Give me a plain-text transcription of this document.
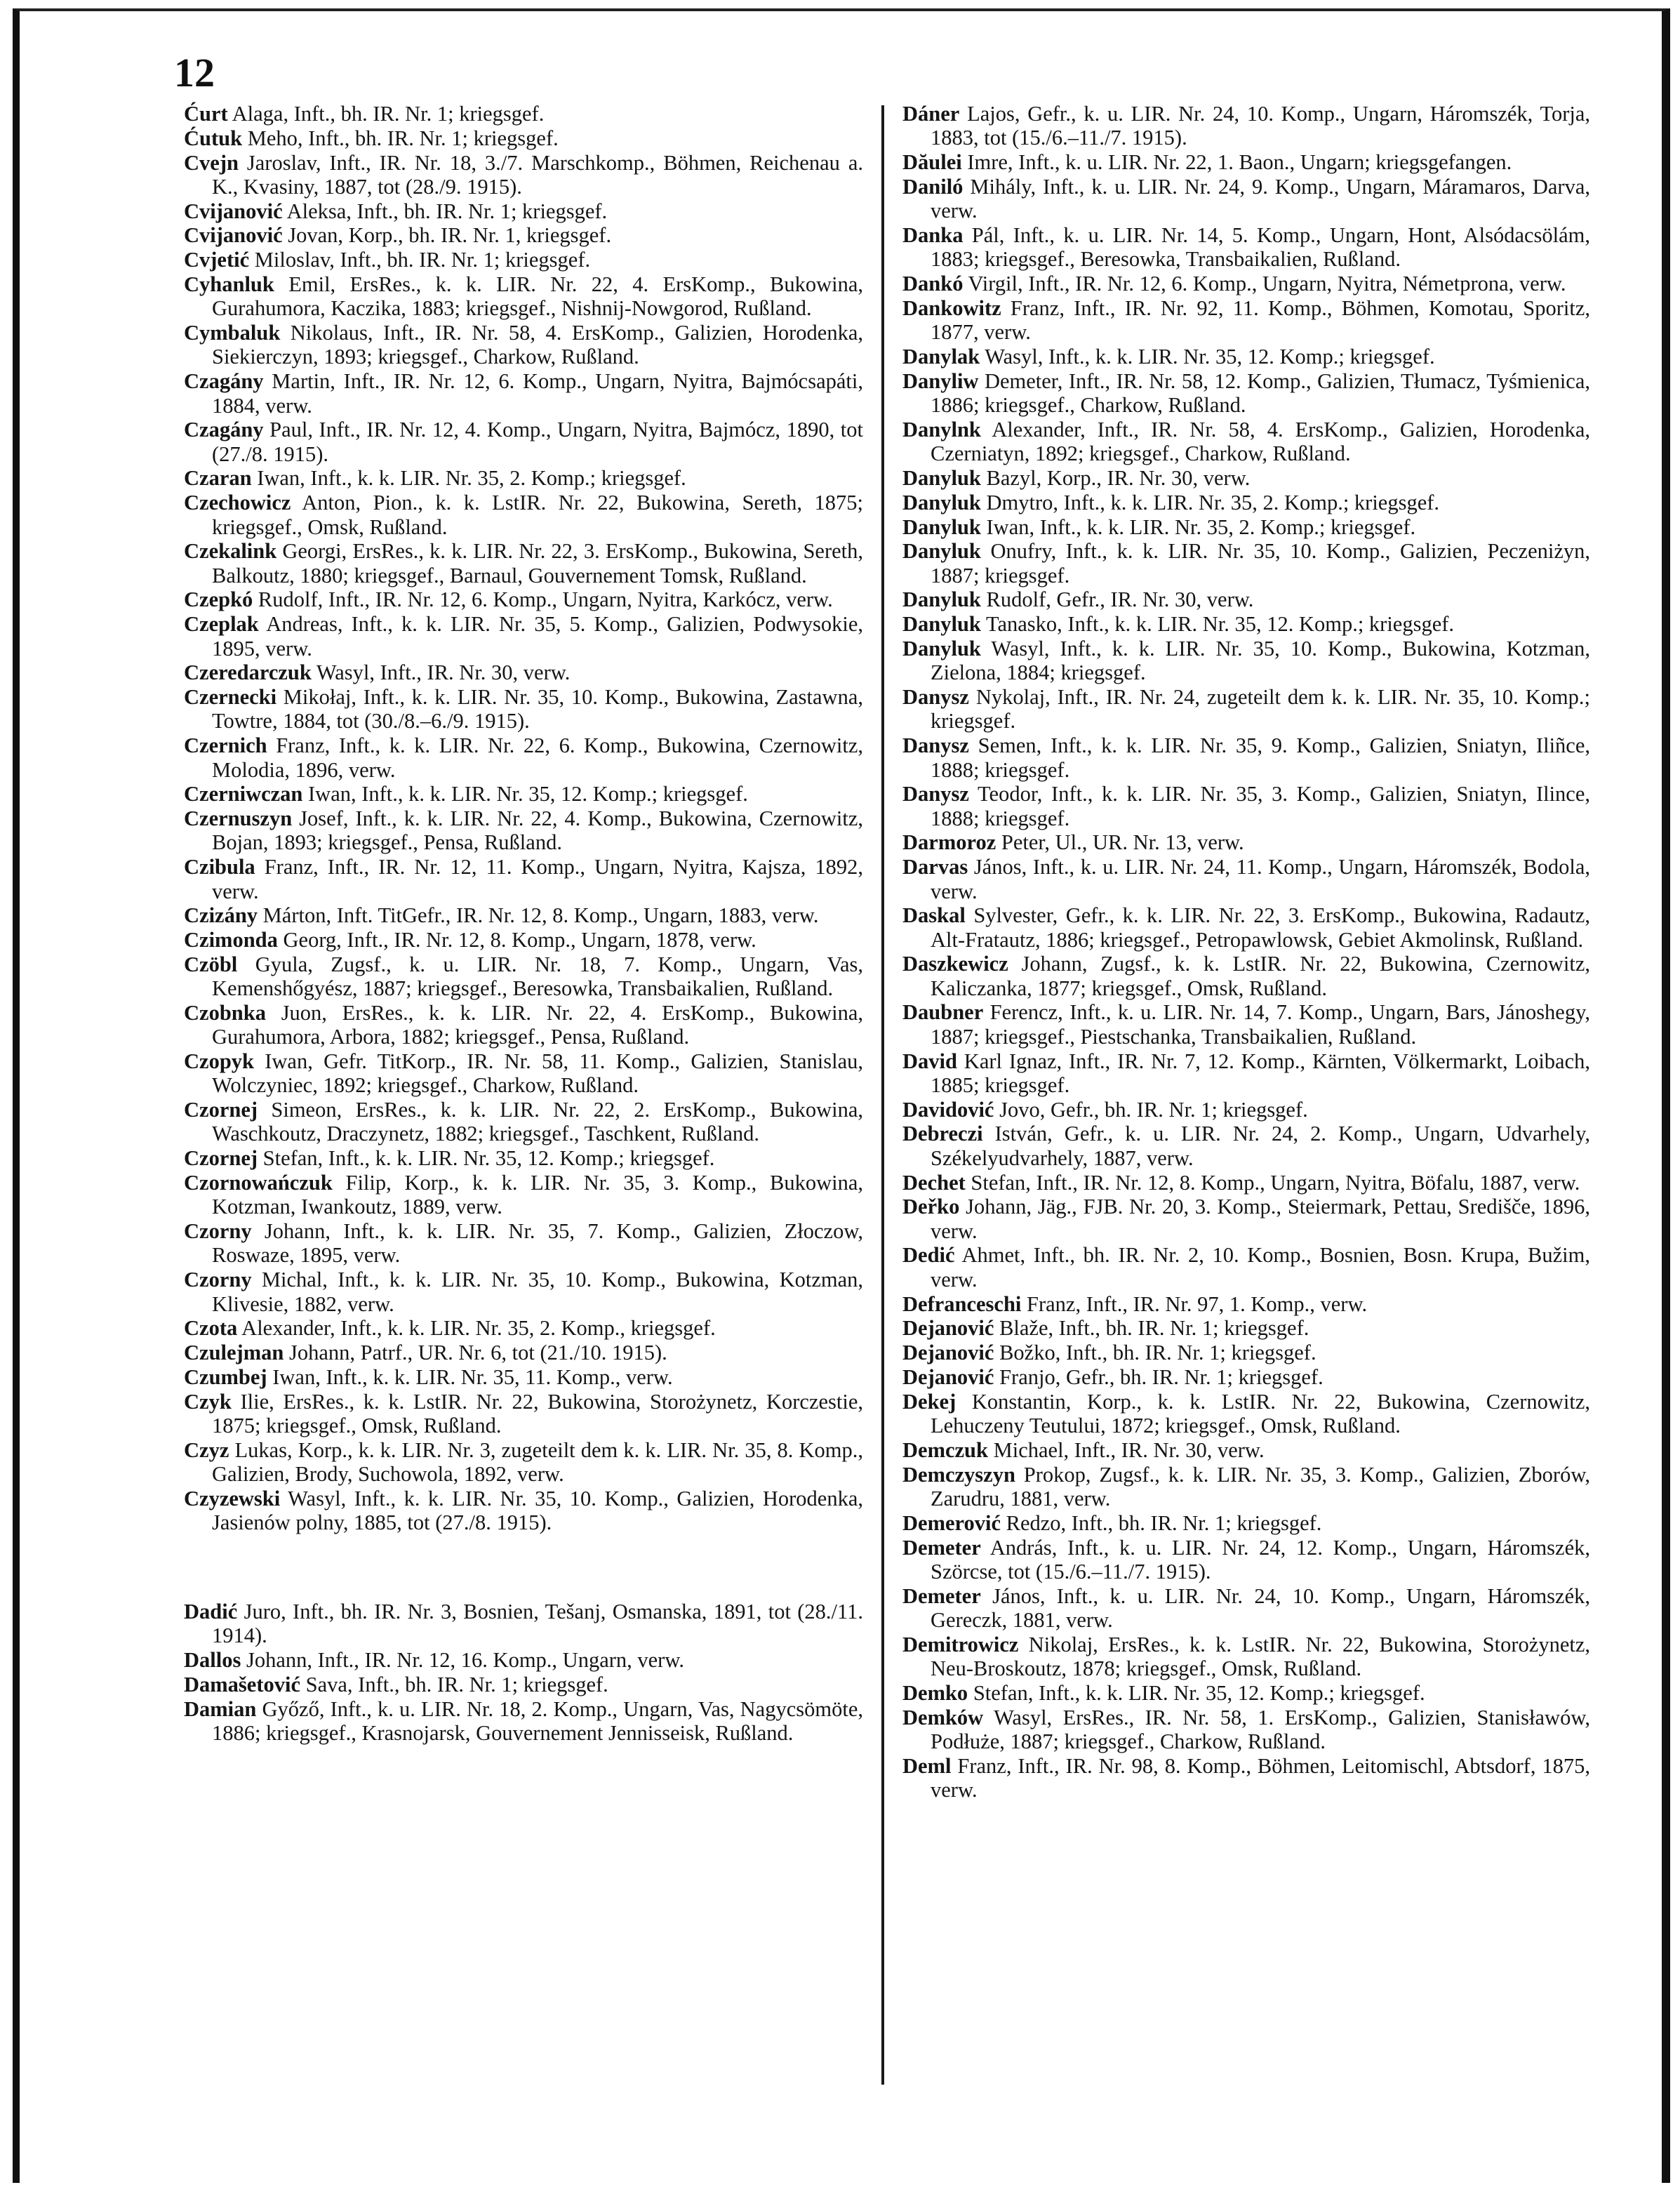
12
Ćurt Alaga, Inft., bh. IR. Nr. 1; kriegsgef.
Ćutuk Meho, Inft., bh. IR. Nr. 1; kriegsgef.
Cvejn Jaroslav, Inft., IR. Nr. 18, 3./7. Marschkomp., Böhmen, Reichenau a. K., Kvasiny, 1887, tot (28./9. 1915).
Cvijanović Aleksa, Inft., bh. IR. Nr. 1; kriegsgef.
Cvijanović Jovan, Korp., bh. IR. Nr. 1, kriegsgef.
Cvjetić Miloslav, Inft., bh. IR. Nr. 1; kriegsgef.
Cyhanluk Emil, ErsRes., k. k. LIR. Nr. 22, 4. ErsKomp., Bukowina, Gurahumora, Kaczika, 1883; kriegsgef., Nishnij-Nowgorod, Rußland.
Cymbaluk Nikolaus, Inft., IR. Nr. 58, 4. ErsKomp., Galizien, Horodenka, Siekierczyn, 1893; kriegsgef., Charkow, Rußland.
Czagány Martin, Inft., IR. Nr. 12, 6. Komp., Ungarn, Nyitra, Bajmócsapáti, 1884, verw.
Czagány Paul, Inft., IR. Nr. 12, 4. Komp., Ungarn, Nyitra, Bajmócz, 1890, tot (27./8. 1915).
Czaran Iwan, Inft., k. k. LIR. Nr. 35, 2. Komp.; kriegsgef.
Czechowicz Anton, Pion., k. k. LstIR. Nr. 22, Bukowina, Sereth, 1875; kriegsgef., Omsk, Rußland.
Czekalink Georgi, ErsRes., k. k. LIR. Nr. 22, 3. ErsKomp., Bukowina, Sereth, Balkoutz, 1880; kriegsgef., Barnaul, Gouvernement Tomsk, Rußland.
Czepkó Rudolf, Inft., IR. Nr. 12, 6. Komp., Ungarn, Nyitra, Karkócz, verw.
Czeplak Andreas, Inft., k. k. LIR. Nr. 35, 5. Komp., Galizien, Podwysokie, 1895, verw.
Czeredarczuk Wasyl, Inft., IR. Nr. 30, verw.
Czernecki Mikołaj, Inft., k. k. LIR. Nr. 35, 10. Komp., Bukowina, Zastawna, Towtre, 1884, tot (30./8.–6./9. 1915).
Czernich Franz, Inft., k. k. LIR. Nr. 22, 6. Komp., Bukowina, Czernowitz, Molodia, 1896, verw.
Czerniwczan Iwan, Inft., k. k. LIR. Nr. 35, 12. Komp.; kriegsgef.
Czernuszyn Josef, Inft., k. k. LIR. Nr. 22, 4. Komp., Bukowina, Czernowitz, Bojan, 1893; kriegsgef., Pensa, Rußland.
Czibula Franz, Inft., IR. Nr. 12, 11. Komp., Ungarn, Nyitra, Kajsza, 1892, verw.
Czizány Márton, Inft. TitGefr., IR. Nr. 12, 8. Komp., Ungarn, 1883, verw.
Czimonda Georg, Inft., IR. Nr. 12, 8. Komp., Ungarn, 1878, verw.
Czöbl Gyula, Zugsf., k. u. LIR. Nr. 18, 7. Komp., Ungarn, Vas, Kemenshőgyész, 1887; kriegsgef., Beresowka, Transbaikalien, Rußland.
Czobnka Juon, ErsRes., k. k. LIR. Nr. 22, 4. ErsKomp., Bukowina, Gurahumora, Arbora, 1882; kriegsgef., Pensa, Rußland.
Czopyk Iwan, Gefr. TitKorp., IR. Nr. 58, 11. Komp., Galizien, Stanislau, Wolczyniec, 1892; kriegsgef., Charkow, Rußland.
Czornej Simeon, ErsRes., k. k. LIR. Nr. 22, 2. ErsKomp., Bukowina, Waschkoutz, Draczynetz, 1882; kriegsgef., Taschkent, Rußland.
Czornej Stefan, Inft., k. k. LIR. Nr. 35, 12. Komp.; kriegsgef.
Czornowańczuk Filip, Korp., k. k. LIR. Nr. 35, 3. Komp., Bukowina, Kotzman, Iwankoutz, 1889, verw.
Czorny Johann, Inft., k. k. LIR. Nr. 35, 7. Komp., Galizien, Złoczow, Roswaze, 1895, verw.
Czorny Michal, Inft., k. k. LIR. Nr. 35, 10. Komp., Bukowina, Kotzman, Klivesie, 1882, verw.
Czota Alexander, Inft., k. k. LIR. Nr. 35, 2. Komp., kriegsgef.
Czulejman Johann, Patrf., UR. Nr. 6, tot (21./10. 1915).
Czumbej Iwan, Inft., k. k. LIR. Nr. 35, 11. Komp., verw.
Czyk Ilie, ErsRes., k. k. LstIR. Nr. 22, Bukowina, Storożynetz, Korczestie, 1875; kriegsgef., Omsk, Rußland.
Czyz Lukas, Korp., k. k. LIR. Nr. 3, zugeteilt dem k. k. LIR. Nr. 35, 8. Komp., Galizien, Brody, Suchowola, 1892, verw.
Czyzewski Wasyl, Inft., k. k. LIR. Nr. 35, 10. Komp., Galizien, Horodenka, Jasienów polny, 1885, tot (27./8. 1915).
Dadić Juro, Inft., bh. IR. Nr. 3, Bosnien, Tešanj, Osmanska, 1891, tot (28./11. 1914).
Dallos Johann, Inft., IR. Nr. 12, 16. Komp., Ungarn, verw.
Damašetović Sava, Inft., bh. IR. Nr. 1; kriegsgef.
Damian Győző, Inft., k. u. LIR. Nr. 18, 2. Komp., Ungarn, Vas, Nagycsömöte, 1886; kriegsgef., Krasnojarsk, Gouvernement Jennisseisk, Rußland.
Dáner Lajos, Gefr., k. u. LIR. Nr. 24, 10. Komp., Ungarn, Háromszék, Torja, 1883, tot (15./6.–11./7. 1915).
Dăulei Imre, Inft., k. u. LIR. Nr. 22, 1. Baon., Ungarn; kriegsgefangen.
Daniló Mihály, Inft., k. u. LIR. Nr. 24, 9. Komp., Ungarn, Máramaros, Darva, verw.
Danka Pál, Inft., k. u. LIR. Nr. 14, 5. Komp., Ungarn, Hont, Alsódacsölám, 1883; kriegsgef., Beresowka, Transbaikalien, Rußland.
Dankó Virgil, Inft., IR. Nr. 12, 6. Komp., Ungarn, Nyitra, Németprona, verw.
Dankowitz Franz, Inft., IR. Nr. 92, 11. Komp., Böhmen, Komotau, Sporitz, 1877, verw.
Danylak Wasyl, Inft., k. k. LIR. Nr. 35, 12. Komp.; kriegsgef.
Danyliw Demeter, Inft., IR. Nr. 58, 12. Komp., Galizien, Tłumacz, Tyśmienica, 1886; kriegsgef., Charkow, Rußland.
Danylnk Alexander, Inft., IR. Nr. 58, 4. ErsKomp., Galizien, Horodenka, Czerniatyn, 1892; kriegsgef., Charkow, Rußland.
Danyluk Bazyl, Korp., IR. Nr. 30, verw.
Danyluk Dmytro, Inft., k. k. LIR. Nr. 35, 2. Komp.; kriegsgef.
Danyluk Iwan, Inft., k. k. LIR. Nr. 35, 2. Komp.; kriegsgef.
Danyluk Onufry, Inft., k. k. LIR. Nr. 35, 10. Komp., Galizien, Peczeniżyn, 1887; kriegsgef.
Danyluk Rudolf, Gefr., IR. Nr. 30, verw.
Danyluk Tanasko, Inft., k. k. LIR. Nr. 35, 12. Komp.; kriegsgef.
Danyluk Wasyl, Inft., k. k. LIR. Nr. 35, 10. Komp., Bukowina, Kotzman, Zielona, 1884; kriegsgef.
Danysz Nykolaj, Inft., IR. Nr. 24, zugeteilt dem k. k. LIR. Nr. 35, 10. Komp.; kriegsgef.
Danysz Semen, Inft., k. k. LIR. Nr. 35, 9. Komp., Galizien, Sniatyn, Iliñce, 1888; kriegsgef.
Danysz Teodor, Inft., k. k. LIR. Nr. 35, 3. Komp., Galizien, Sniatyn, Ilince, 1888; kriegsgef.
Darmoroz Peter, Ul., UR. Nr. 13, verw.
Darvas János, Inft., k. u. LIR. Nr. 24, 11. Komp., Ungarn, Háromszék, Bodola, verw.
Daskal Sylvester, Gefr., k. k. LIR. Nr. 22, 3. ErsKomp., Bukowina, Radautz, Alt-Fratautz, 1886; kriegsgef., Petropawlowsk, Gebiet Akmolinsk, Rußland.
Daszkewicz Johann, Zugsf., k. k. LstIR. Nr. 22, Bukowina, Czernowitz, Kaliczanka, 1877; kriegsgef., Omsk, Rußland.
Daubner Ferencz, Inft., k. u. LIR. Nr. 14, 7. Komp., Ungarn, Bars, Jánoshegy, 1887; kriegsgef., Piestschanka, Transbaikalien, Rußland.
David Karl Ignaz, Inft., IR. Nr. 7, 12. Komp., Kärnten, Völkermarkt, Loibach, 1885; kriegsgef.
Davidović Jovo, Gefr., bh. IR. Nr. 1; kriegsgef.
Debreczi István, Gefr., k. u. LIR. Nr. 24, 2. Komp., Ungarn, Udvarhely, Székelyudvarhely, 1887, verw.
Dechet Stefan, Inft., IR. Nr. 12, 8. Komp., Ungarn, Nyitra, Böfalu, 1887, verw.
Deřko Johann, Jäg., FJB. Nr. 20, 3. Komp., Steiermark, Pettau, Središče, 1896, verw.
Dedić Ahmet, Inft., bh. IR. Nr. 2, 10. Komp., Bosnien, Bosn. Krupa, Bužim, verw.
Defranceschi Franz, Inft., IR. Nr. 97, 1. Komp., verw.
Dejanović Blaže, Inft., bh. IR. Nr. 1; kriegsgef.
Dejanović Božko, Inft., bh. IR. Nr. 1; kriegsgef.
Dejanović Franjo, Gefr., bh. IR. Nr. 1; kriegsgef.
Dekej Konstantin, Korp., k. k. LstIR. Nr. 22, Bukowina, Czernowitz, Lehuczeny Teutului, 1872; kriegsgef., Omsk, Rußland.
Demczuk Michael, Inft., IR. Nr. 30, verw.
Demczyszyn Prokop, Zugsf., k. k. LIR. Nr. 35, 3. Komp., Galizien, Zborów, Zarudru, 1881, verw.
Demerović Redzo, Inft., bh. IR. Nr. 1; kriegsgef.
Demeter András, Inft., k. u. LIR. Nr. 24, 12. Komp., Ungarn, Háromszék, Szörcse, tot (15./6.–11./7. 1915).
Demeter János, Inft., k. u. LIR. Nr. 24, 10. Komp., Ungarn, Háromszék, Gereczk, 1881, verw.
Demitrowicz Nikolaj, ErsRes., k. k. LstIR. Nr. 22, Bukowina, Storożynetz, Neu-Broskoutz, 1878; kriegsgef., Omsk, Rußland.
Demko Stefan, Inft., k. k. LIR. Nr. 35, 12. Komp.; kriegsgef.
Demków Wasyl, ErsRes., IR. Nr. 58, 1. ErsKomp., Galizien, Stanisławów, Podłuże, 1887; kriegsgef., Charkow, Rußland.
Deml Franz, Inft., IR. Nr. 98, 8. Komp., Böhmen, Leitomischl, Abtsdorf, 1875, verw.
